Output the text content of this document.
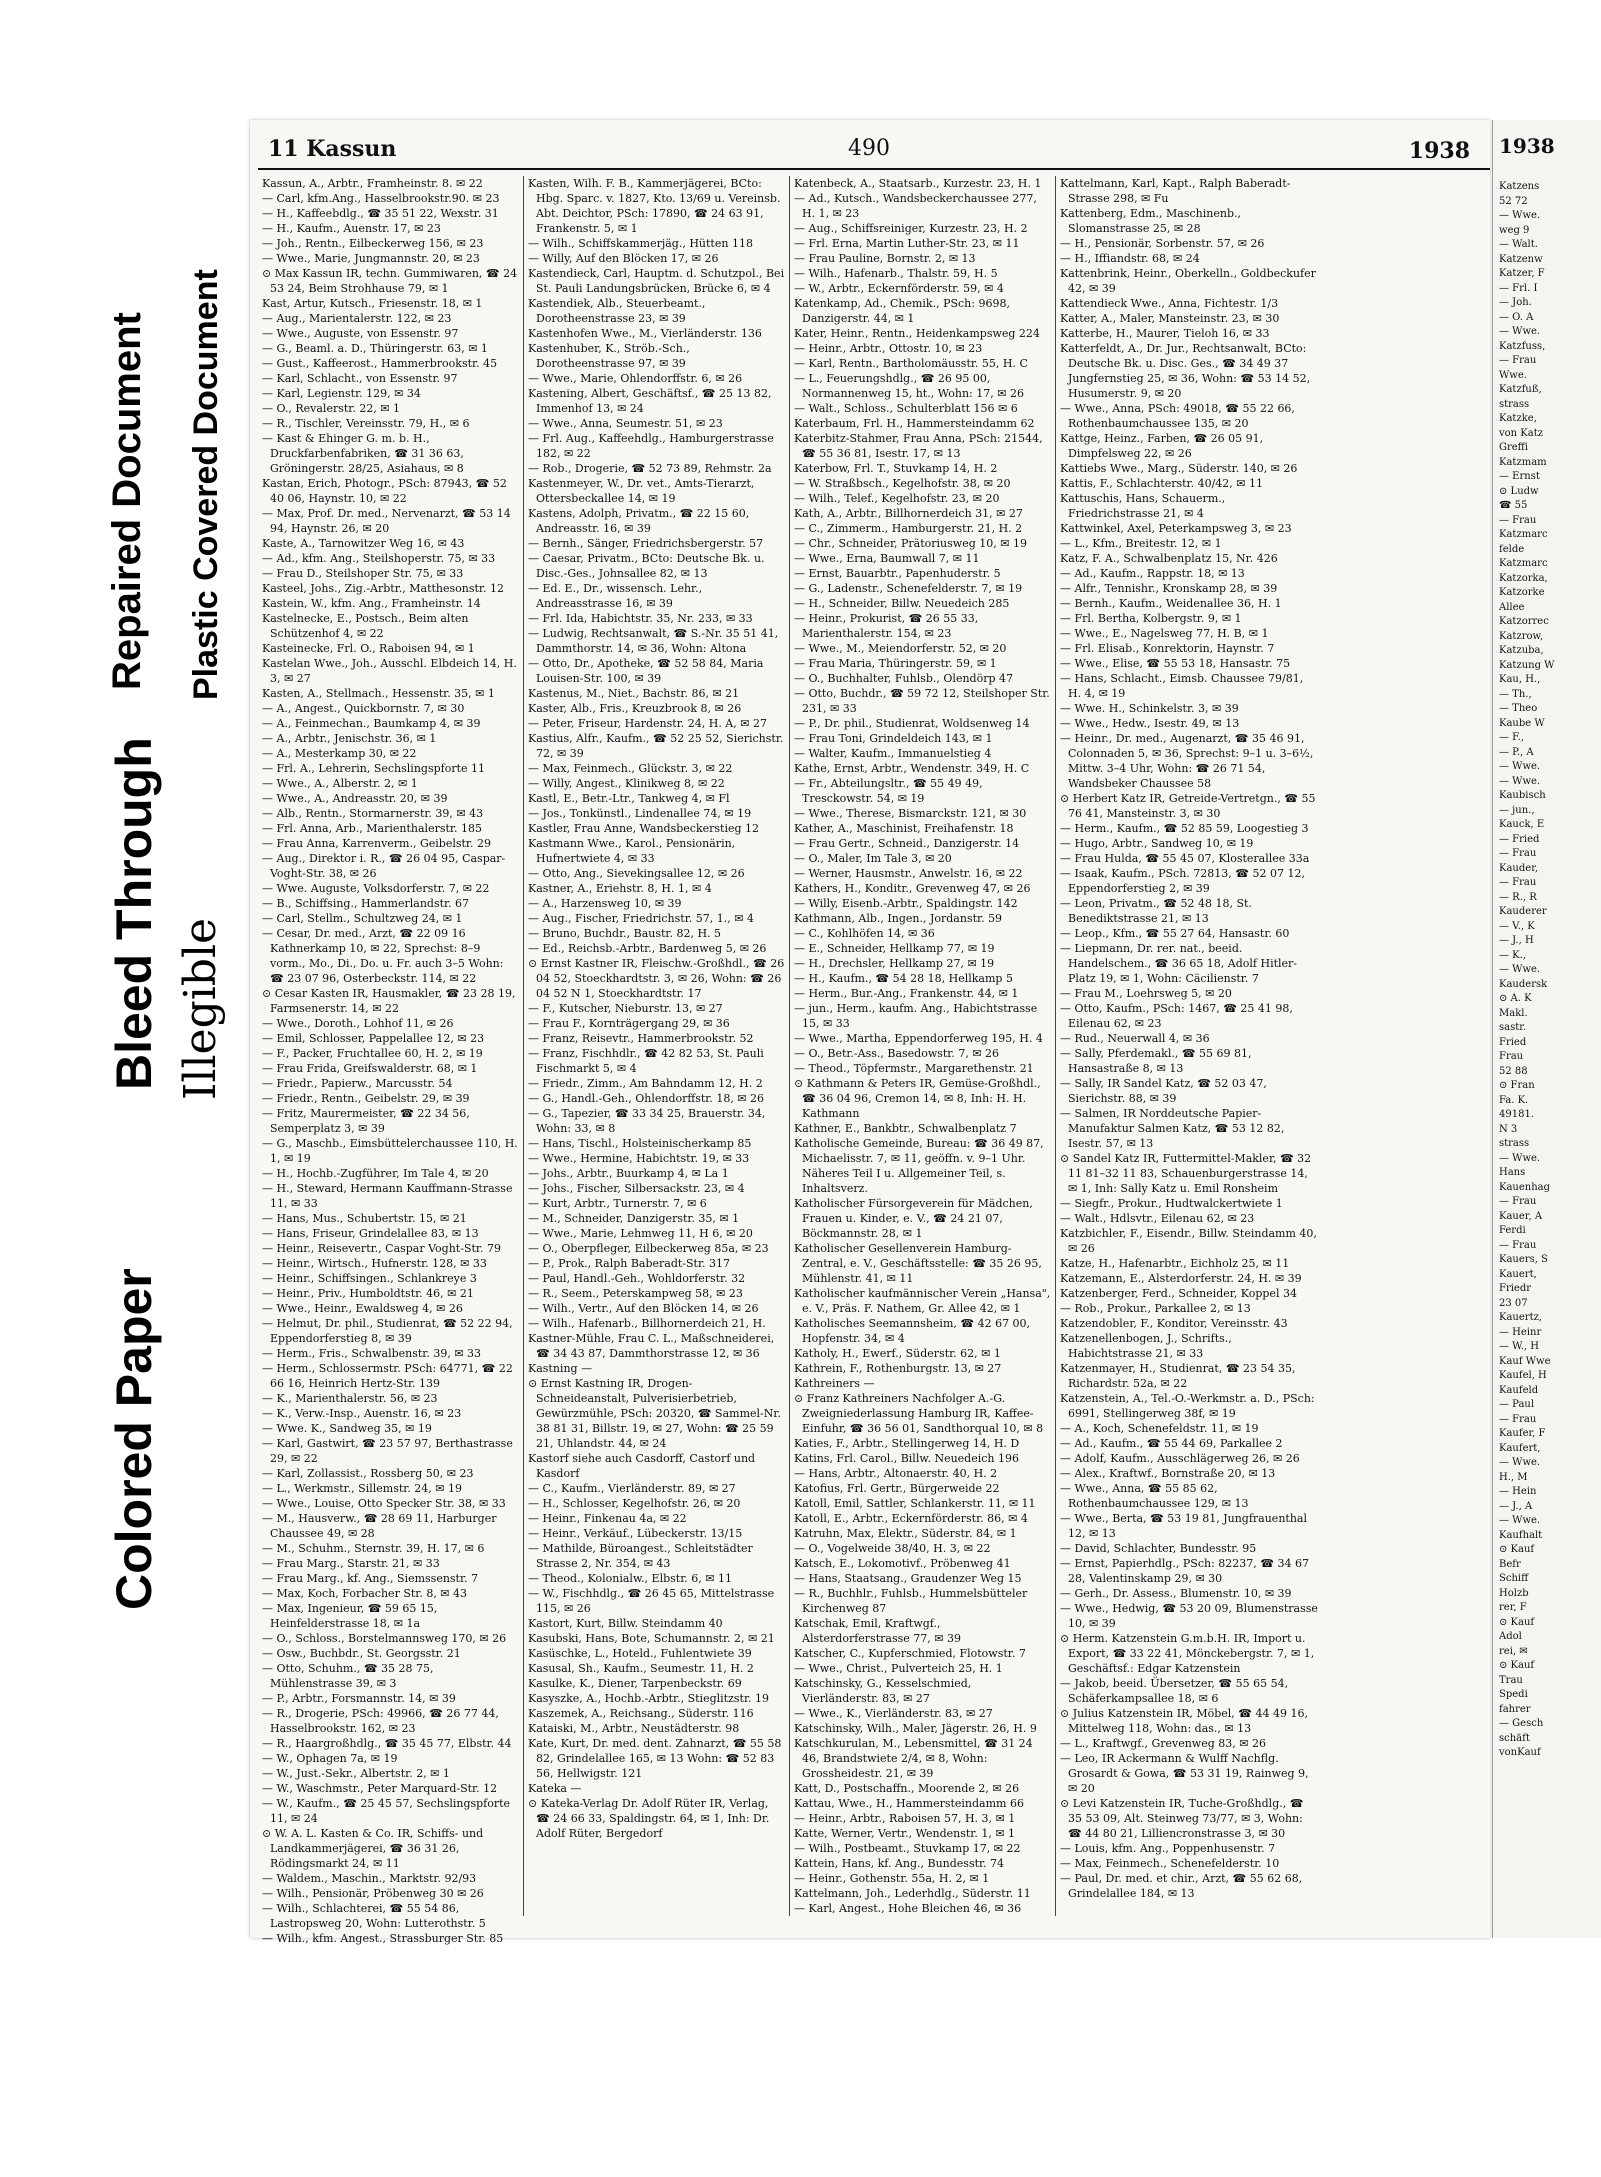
Colored Paper
Bleed Through Illegible
Repaired Document Plastic Covered Document
11 Kassun	490	1938

Kassun, A., Arbtr., Framheinstr. 8. ✉ 22

— Carl, kfm.Ang., Hasselbrookstr.90. ✉ 23

— H., Kaffeebdlg., ☎ 35 51 22, Wexstr. 31

— H., Kaufm., Auenstr. 17, ✉ 23

— Joh., Rentn., Eilbeckerweg 156, ✉ 23

— Wwe., Marie, Jungmannstr. 20, ✉ 23

⊙ Max Kassun IR, techn. Gummiwaren, ☎ 24 53 24, Beim Strohhause 79, ✉ 1

Kast, Artur, Kutsch., Friesenstr. 18, ✉ 1

— Aug., Marientalerstr. 122, ✉ 23

— Wwe., Auguste, von Essenstr. 97

— G., Beaml. a. D., Thüringerstr. 63, ✉ 1

— Gust., Kaffeerost., Hammerbrookstr. 45

— Karl, Schlacht., von Essenstr. 97

— Karl, Legienstr. 129, ✉ 34

— O., Revalerstr. 22, ✉ 1

— R., Tischler, Vereinsstr. 79, H., ✉ 6

— Kast & Ehinger G. m. b. H., Druckfarbenfabriken, ☎ 31 36 63, Gröningerstr. 28/25, Asiahaus, ✉ 8

Kastan, Erich, Photogr., PSch: 87943, ☎ 52 40 06, Haynstr. 10, ✉ 22

— Max, Prof. Dr. med., Nervenarzt, ☎ 53 14 94, Haynstr. 26, ✉ 20

Kaste, A., Tarnowitzer Weg 16, ✉ 43

— Ad., kfm. Ang., Steilshoperstr. 75, ✉ 33

— Frau D., Steilshoper Str. 75, ✉ 33

Kasteel, Johs., Zig.-Arbtr., Matthesonstr. 12

Kastein, W., kfm. Ang., Framheinstr. 14

Kastelnecke, E., Postsch., Beim alten Schützenhof 4, ✉ 22

Kasteinecke, Frl. O., Raboisen 94, ✉ 1

Kastelan Wwe., Joh., Ausschl. Elbdeich 14, H. 3, ✉ 27

Kasten, A., Stellmach., Hessenstr. 35, ✉ 1

— A., Angest., Quickbornstr. 7, ✉ 30

— A., Feinmechan., Baumkamp 4, ✉ 39

— A., Arbtr., Jenischstr. 36, ✉ 1

— A., Mesterkamp 30, ✉ 22

— Frl. A., Lehrerin, Sechslingspforte 11

— Wwe., A., Alberstr. 2, ✉ 1

— Wwe., A., Andreasstr. 20, ✉ 39

— Alb., Rentn., Stormarnerstr. 39, ✉ 43

— Frl. Anna, Arb., Marienthalerstr. 185

— Frau Anna, Karrenverm., Geibelstr. 29

— Aug., Direktor i. R., ☎ 26 04 95, Caspar-Voght-Str. 38, ✉ 26

— Wwe. Auguste, Volksdorferstr. 7, ✉ 22

— B., Schiffsing., Hammerlandstr. 67

— Carl, Stellm., Schultzweg 24, ✉ 1

— Cesar, Dr. med., Arzt, ☎ 22 09 16 Kathnerkamp 10, ✉ 22, Sprechst: 8–9 vorm., Mo., Di., Do. u. Fr. auch 3–5 Wohn: ☎ 23 07 96, Osterbeckstr. 114, ✉ 22

⊙ Cesar Kasten IR, Hausmakler, ☎ 23 28 19, Farmsenerstr. 14, ✉ 22

— Wwe., Doroth., Lohhof 11, ✉ 26

— Emil, Schlosser, Pappelallee 12, ✉ 23

— F., Packer, Fruchtallee 60, H. 2, ✉ 19

— Frau Frida, Greifswalderstr. 68, ✉ 1

— Friedr., Papierw., Marcusstr. 54

— Friedr., Rentn., Geibelstr. 29, ✉ 39

— Fritz, Maurermeister, ☎ 22 34 56, Semperplatz 3, ✉ 39

— G., Maschb., Eimsbüttelerchaussee 110, H. 1, ✉ 19

— H., Hochb.-Zugführer, Im Tale 4, ✉ 20

— H., Steward, Hermann Kauffmann-Strasse 11, ✉ 33

— Hans, Mus., Schubertstr. 15, ✉ 21

— Hans, Friseur, Grindelallee 83, ✉ 13

— Heinr., Reisevertr., Caspar Voght-Str. 79

— Heinr., Wirtsch., Hufnerstr. 128, ✉ 33

— Heinr., Schiffsingen., Schlankreye 3

— Heinr., Priv., Humboldtstr. 46, ✉ 21

— Wwe., Heinr., Ewaldsweg 4, ✉ 26

— Helmut, Dr. phil., Studienrat, ☎ 52 22 94, Eppendorferstieg 8, ✉ 39

— Herm., Fris., Schwalbenstr. 39, ✉ 33

— Herm., Schlossermstr. PSch: 64771, ☎ 22 66 16, Heinrich Hertz-Str. 139

— K., Marienthalerstr. 56, ✉ 23

— K., Verw.-Insp., Auenstr. 16, ✉ 23

— Wwe. K., Sandweg 35, ✉ 19

— Karl, Gastwirt, ☎ 23 57 97, Berthastrasse 29, ✉ 22

— Karl, Zollassist., Rossberg 50, ✉ 23

— L., Werkmstr., Sillemstr. 24, ✉ 19

— Wwe., Louise, Otto Specker Str. 38, ✉ 33

— M., Hausverw., ☎ 28 69 11, Harburger Chaussee 49, ✉ 28

— M., Schuhm., Sternstr. 39, H. 17, ✉ 6

— Frau Marg., Starstr. 21, ✉ 33

— Frau Marg., kf. Ang., Siemssenstr. 7

— Max, Koch, Forbacher Str. 8, ✉ 43

— Max, Ingenieur, ☎ 59 65 15, Heinfelderstrasse 18, ✉ 1a

— O., Schloss., Borstelmannsweg 170, ✉ 26

— Osw., Buchbdr., St. Georgsstr. 21

— Otto, Schuhm., ☎ 35 28 75, Mühlenstrasse 39, ✉ 3

— P., Arbtr., Forsmannstr. 14, ✉ 39

— R., Drogerie, PSch: 49966, ☎ 26 77 44, Hasselbrookstr. 162, ✉ 23

— R., Haargroßhdlg., ☎ 35 45 77, Elbstr. 44

— W., Ophagen 7a, ✉ 19

— W., Just.-Sekr., Albertstr. 2, ✉ 1

— W., Waschmstr., Peter Marquard-Str. 12

— W., Kaufm., ☎ 25 45 57, Sechslingspforte 11, ✉ 24

⊙ W. A. L. Kasten & Co. IR, Schiffs- und Landkammerjägerei, ☎ 36 31 26, Rödingsmarkt 24, ✉ 11

— Waldem., Maschin., Marktstr. 92/93

— Wilh., Pensionär, Pröbenweg 30 ✉ 26

— Wilh., Schlachterei, ☎ 55 54 86, Lastropsweg 20, Wohn: Lutterothstr. 5

— Wilh., kfm. Angest., Strassburger Str. 85

Kasten, Wilh. F. B., Kammerjägerei, BCto: Hbg. Sparc. v. 1827, Kto. 13/69 u. Vereinsb. Abt. Deichtor, PSch: 17890, ☎ 24 63 91, Frankenstr. 5, ✉ 1

— Wilh., Schiffskammerjäg., Hütten 118

— Willy, Auf den Blöcken 17, ✉ 26

Kastendieck, Carl, Hauptm. d. Schutzpol., Bei St. Pauli Landungsbrücken, Brücke 6, ✉ 4

Kastendiek, Alb., Steuerbeamt., Dorotheenstrasse 23, ✉ 39

Kastenhofen Wwe., M., Vierländerstr. 136

Kastenhuber, K., Ströb.-Sch., Dorotheenstrasse 97, ✉ 39

— Wwe., Marie, Ohlendorffstr. 6, ✉ 26

Kastening, Albert, Geschäftsf., ☎ 25 13 82, Immenhof 13, ✉ 24

— Wwe., Anna, Seumestr. 51, ✉ 23

— Frl. Aug., Kaffeehdlg., Hamburgerstrasse 182, ✉ 22

— Rob., Drogerie, ☎ 52 73 89, Rehmstr. 2a

Kastenmeyer, W., Dr. vet., Amts-Tierarzt, Ottersbeckallee 14, ✉ 19

Kastens, Adolph, Privatm., ☎ 22 15 60, Andreasstr. 16, ✉ 39

— Bernh., Sänger, Friedrichsbergerstr. 57

— Caesar, Privatm., BCto: Deutsche Bk. u. Disc.-Ges., Johnsallee 82, ✉ 13

— Ed. E., Dr., wissensch. Lehr., Andreasstrasse 16, ✉ 39

— Frl. Ida, Habichtstr. 35, Nr. 233, ✉ 33

— Ludwig, Rechtsanwalt, ☎ S.-Nr. 35 51 41, Dammthorstr. 14, ✉ 36, Wohn: Altona

— Otto, Dr., Apotheke, ☎ 52 58 84, Maria Louisen-Str. 100, ✉ 39

Kastenus, M., Niet., Bachstr. 86, ✉ 21

Kaster, Alb., Fris., Kreuzbrook 8, ✉ 26

— Peter, Friseur, Hardenstr. 24, H. A, ✉ 27

Kastius, Alfr., Kaufm., ☎ 52 25 52, Sierichstr. 72, ✉ 39

— Max, Feinmech., Glückstr. 3, ✉ 22

— Willy, Angest., Klinikweg 8, ✉ 22

Kastl, E., Betr.-Ltr., Tankweg 4, ✉ Fl

— Jos., Tonkünstl., Lindenallee 74, ✉ 19

Kastler, Frau Anne, Wandsbeckerstieg 12

Kastmann Wwe., Karol., Pensionärin, Hufnertwiete 4, ✉ 33

— Otto, Ang., Sievekingsallee 12, ✉ 26

Kastner, A., Eriehstr. 8, H. 1, ✉ 4

— A., Harzensweg 10, ✉ 39

— Aug., Fischer, Friedrichstr. 57, 1., ✉ 4

— Bruno, Buchdr., Baustr. 82, H. 5

— Ed., Reichsb.-Arbtr., Bardenweg 5, ✉ 26

⊙ Ernst Kastner IR, Fleischw.-Großhdl., ☎ 26 04 52, Stoeckhardtstr. 3, ✉ 26, Wohn: ☎ 26 04 52 N 1, Stoeckhardtstr. 17

— F., Kutscher, Nieburstr. 13, ✉ 27

— Frau F., Kornträgergang 29, ✉ 36

— Franz, Reisevtr., Hammerbrookstr. 52

— Franz, Fischhdlr., ☎ 42 82 53, St. Pauli Fischmarkt 5, ✉ 4

— Friedr., Zimm., Am Bahndamm 12, H. 2

— G., Handl.-Geh., Ohlendorffstr. 18, ✉ 26

— G., Tapezier, ☎ 33 34 25, Brauerstr. 34, Wohn: 33, ✉ 8

— Hans, Tischl., Holsteinischerkamp 85

— Wwe., Hermine, Habichtstr. 19, ✉ 33

— Johs., Arbtr., Buurkamp 4, ✉ La 1

— Johs., Fischer, Silbersackstr. 23, ✉ 4

— Kurt, Arbtr., Turnerstr. 7, ✉ 6

— M., Schneider, Danzigerstr. 35, ✉ 1

— Wwe., Marie, Lehmweg 11, H 6, ✉ 20

— O., Oberpfleger, Eilbeckerweg 85a, ✉ 23

— P., Prok., Ralph Baberadt-Str. 317

— Paul, Handl.-Geh., Wohldorferstr. 32

— R., Seem., Peterskampweg 58, ✉ 23

— Wilh., Vertr., Auf den Blöcken 14, ✉ 26

— Wilh., Hafenarb., Billhornerdeich 21, H.

Kastner-Mühle, Frau C. L., Maßschneiderei, ☎ 34 43 87, Dammthorstrasse 12, ✉ 36

Kastning —

⊙ Ernst Kastning IR, Drogen-Schneideanstalt, Pulverisierbetrieb, Gewürzmühle, PSch: 20320, ☎ Sammel-Nr. 38 81 31, Billstr. 19, ✉ 27, Wohn: ☎ 25 59 21, Uhlandstr. 44, ✉ 24

Kastorf siehe auch Casdorff, Castorf und Kasdorf

— C., Kaufm., Vierländerstr. 89, ✉ 27

— H., Schlosser, Kegelhofstr. 26, ✉ 20

— Heinr., Finkenau 4a, ✉ 22

— Heinr., Verkäuf., Lübeckerstr. 13/15

— Mathilde, Büroangest., Schleitstädter Strasse 2, Nr. 354, ✉ 43

— Theod., Kolonialw., Elbstr. 6, ✉ 11

— W., Fischhdlg., ☎ 26 45 65, Mittelstrasse 115, ✉ 26

Kastort, Kurt, Billw. Steindamm 40

Kasubski, Hans, Bote, Schumannstr. 2, ✉ 21

Kasüschke, L., Hoteld., Fuhlentwiete 39

Kasusal, Sh., Kaufm., Seumestr. 11, H. 2

Kasulke, K., Diener, Tarpenbeckstr. 69

Kasyszke, A., Hochb.-Arbtr., Stieglitzstr. 19

Kaszemek, A., Reichsang., Süderstr. 116

Kataiski, M., Arbtr., Neustädterstr. 98

Kate, Kurt, Dr. med. dent. Zahnarzt, ☎ 55 58 82, Grindelallee 165, ✉ 13 Wohn: ☎ 52 83 56, Hellwigstr. 121

Kateka —

⊙ Kateka-Verlag Dr. Adolf Rüter IR, Verlag, ☎ 24 66 33, Spaldingstr. 64, ✉ 1, Inh: Dr. Adolf Rüter, Bergedorf

Katenbeck, A., Staatsarb., Kurzestr. 23, H. 1

— Ad., Kutsch., Wandsbeckerchaussee 277, H. 1, ✉ 23

— Aug., Schiffsreiniger, Kurzestr. 23, H. 2

— Frl. Erna, Martin Luther-Str. 23, ✉ 11

— Frau Pauline, Bornstr. 2, ✉ 13

— Wilh., Hafenarb., Thalstr. 59, H. 5

— W., Arbtr., Eckernförderstr. 59, ✉ 4

Katenkamp, Ad., Chemik., PSch: 9698, Danzigerstr. 44, ✉ 1

Kater, Heinr., Rentn., Heidenkampsweg 224

— Heinr., Arbtr., Ottostr. 10, ✉ 23

— Karl, Rentn., Bartholomäusstr. 55, H. C

— L., Feuerungshdlg., ☎ 26 95 00, Normannenweg 15, ht., Wohn: 17, ✉ 26

— Walt., Schloss., Schulterblatt 156 ✉ 6

Katerbaum, Frl. H., Hammersteindamm 62

Katerbitz-Stahmer, Frau Anna, PSch: 21544, ☎ 55 36 81, Isestr. 17, ✉ 13

Katerbow, Frl. T., Stuvkamp 14, H. 2

— W. Straßbsch., Kegelhofstr. 38, ✉ 20

— Wilh., Telef., Kegelhofstr. 23, ✉ 20

Kath, A., Arbtr., Billhornerdeich 31, ✉ 27

— C., Zimmerm., Hamburgerstr. 21, H. 2

— Chr., Schneider, Prätoriusweg 10, ✉ 19

— Wwe., Erna, Baumwall 7, ✉ 11

— Ernst, Bauarbtr., Papenhuderstr. 5

— G., Ladenstr., Schenefelderstr. 7, ✉ 19

— H., Schneider, Billw. Neuedeich 285

— Heinr., Prokurist, ☎ 26 55 33, Marienthalerstr. 154, ✉ 23

— Wwe., M., Meiendorferstr. 52, ✉ 20

— Frau Maria, Thüringerstr. 59, ✉ 1

— O., Buchhalter, Fuhlsb., Olendörp 47

— Otto, Buchdr., ☎ 59 72 12, Steilshoper Str. 231, ✉ 33

— P., Dr. phil., Studienrat, Woldsenweg 14

— Frau Toni, Grindeldeich 143, ✉ 1

— Walter, Kaufm., Immanuelstieg 4

Kathe, Ernst, Arbtr., Wendenstr. 349, H. C

— Fr., Abteilungsltr., ☎ 55 49 49, Tresckowstr. 54, ✉ 19

— Wwe., Therese, Bismarckstr. 121, ✉ 30

Kather, A., Maschinist, Freihafenstr. 18

— Frau Gertr., Schneid., Danzigerstr. 14

— O., Maler, Im Tale 3, ✉ 20

— Werner, Hausmstr., Anwelstr. 16, ✉ 22

Kathers, H., Konditr., Grevenweg 47, ✉ 26

— Willy, Eisenb.-Arbtr., Spaldingstr. 142

Kathmann, Alb., Ingen., Jordanstr. 59

— C., Kohlhöfen 14, ✉ 36

— E., Schneider, Hellkamp 77, ✉ 19

— H., Drechsler, Hellkamp 27, ✉ 19

— H., Kaufm., ☎ 54 28 18, Hellkamp 5

— Herm., Bur.-Ang., Frankenstr. 44, ✉ 1

— jun., Herm., kaufm. Ang., Habichtstrasse 15, ✉ 33

— Wwe., Martha, Eppendorferweg 195, H. 4

— O., Betr.-Ass., Basedowstr. 7, ✉ 26

— Theod., Töpfermstr., Margarethenstr. 21

⊙ Kathmann & Peters IR, Gemüse-Großhdl., ☎ 36 04 96, Cremon 14, ✉ 8, Inh: H. H. Kathmann

Kathner, E., Bankbtr., Schwalbenplatz 7

Katholische Gemeinde, Bureau: ☎ 36 49 87, Michaelisstr. 7, ✉ 11, geöffn. v. 9–1 Uhr. Näheres Teil I u. Allgemeiner Teil, s. Inhaltsverz.

Katholischer Fürsorgeverein für Mädchen, Frauen u. Kinder, e. V., ☎ 24 21 07, Böckmannstr. 28, ✉ 1

Katholischer Gesellenverein Hamburg-Zentral, e. V., Geschäftsstelle: ☎ 35 26 95, Mühlenstr. 41, ✉ 11

Katholischer kaufmännischer Verein „Hansa", e. V., Präs. F. Nathem, Gr. Allee 42, ✉ 1

Katholisches Seemannsheim, ☎ 42 67 00, Hopfenstr. 34, ✉ 4

Katholy, H., Ewerf., Süderstr. 62, ✉ 1

Kathrein, F., Rothenburgstr. 13, ✉ 27

Kathreiners —

⊙ Franz Kathreiners Nachfolger A.-G. Zweigniederlassung Hamburg IR, Kaffee-Einfuhr, ☎ 36 56 01, Sandthorqual 10, ✉ 8

Katies, F., Arbtr., Stellingerweg 14, H. D

Katins, Frl. Carol., Billw. Neuedeich 196

— Hans, Arbtr., Altonaerstr. 40, H. 2

Katofius, Frl. Gertr., Bürgerweide 22

Katoll, Emil, Sattler, Schlankerstr. 11, ✉ 11

Katoll, E., Arbtr., Eckernförderstr. 86, ✉ 4

Katruhn, Max, Elektr., Süderstr. 84, ✉ 1

— O., Vogelweide 38/40, H. 3, ✉ 22

Katsch, E., Lokomotivf., Pröbenweg 41

— Hans, Staatsang., Graudenzer Weg 15

— R., Buchhlr., Fuhlsb., Hummelsbütteler Kirchenweg 87

Katschak, Emil, Kraftwgf., Alsterdorferstrasse 77, ✉ 39

Katscher, C., Kupferschmied, Flotowstr. 7

— Wwe., Christ., Pulverteich 25, H. 1

Katschinsky, G., Kesselschmied, Vierländerstr. 83, ✉ 27

— Wwe., K., Vierländerstr. 83, ✉ 27

Katschinsky, Wilh., Maler, Jägerstr. 26, H. 9

Katschkurulan, M., Lebensmittel, ☎ 31 24 46, Brandstwiete 2/4, ✉ 8, Wohn: Grossheidestr. 21, ✉ 39

Katt, D., Postschaffn., Moorende 2, ✉ 26

Kattau, Wwe., H., Hammersteindamm 66

— Heinr., Arbtr., Raboisen 57, H. 3, ✉ 1

Katte, Werner, Vertr., Wendenstr. 1, ✉ 1

— Wilh., Postbeamt., Stuvkamp 17, ✉ 22

Kattein, Hans, kf. Ang., Bundesstr. 74

— Heinr., Gothenstr. 55a, H. 2, ✉ 1

Kattelmann, Joh., Lederhdlg., Süderstr. 11

— Karl, Angest., Hohe Bleichen 46, ✉ 36

Kattelmann, Karl, Kapt., Ralph Baberadt-Strasse 298, ✉ Fu

Kattenberg, Edm., Maschinenb., Slomanstrasse 25, ✉ 28

— H., Pensionär, Sorbenstr. 57, ✉ 26

— H., Iffiandstr. 68, ✉ 24

Kattenbrink, Heinr., Oberkelln., Goldbeckufer 42, ✉ 39

Kattendieck Wwe., Anna, Fichtestr. 1/3

Katter, A., Maler, Mansteinstr. 23, ✉ 30

Katterbe, H., Maurer, Tieloh 16, ✉ 33

Katterfeldt, A., Dr. Jur., Rechtsanwalt, BCto: Deutsche Bk. u. Disc. Ges., ☎ 34 49 37 Jungfernstieg 25, ✉ 36, Wohn: ☎ 53 14 52, Husumerstr. 9, ✉ 20

— Wwe., Anna, PSch: 49018, ☎ 55 22 66, Rothenbaumchaussee 135, ✉ 20

Kattge, Heinz., Farben, ☎ 26 05 91, Dimpfelsweg 22, ✉ 26

Kattiebs Wwe., Marg., Süderstr. 140, ✉ 26

Kattis, F., Schlachterstr. 40/42, ✉ 11

Kattuschis, Hans, Schauerm., Friedrichstrasse 21, ✉ 4

Kattwinkel, Axel, Peterkampsweg 3, ✉ 23

— L., Kfm., Breitestr. 12, ✉ 1

Katz, F. A., Schwalbenplatz 15, Nr. 426

— Ad., Kaufm., Rappstr. 18, ✉ 13

— Alfr., Tennishr., Kronskamp 28, ✉ 39

— Bernh., Kaufm., Weidenallee 36, H. 1

— Frl. Bertha, Kolbergstr. 9, ✉ 1

— Wwe., E., Nagelsweg 77, H. B, ✉ 1

— Frl. Elisab., Konrektorin, Haynstr. 7

— Wwe., Elise, ☎ 55 53 18, Hansastr. 75

— Hans, Schlacht., Eimsb. Chaussee 79/81, H. 4, ✉ 19

— Wwe. H., Schinkelstr. 3, ✉ 39

— Wwe., Hedw., Isestr. 49, ✉ 13

— Heinr., Dr. med., Augenarzt, ☎ 35 46 91, Colonnaden 5, ✉ 36, Sprechst: 9–1 u. 3–6½, Mittw. 3–4 Uhr, Wohn: ☎ 26 71 54, Wandsbeker Chaussee 58

⊙ Herbert Katz IR, Getreide-Vertretgn., ☎ 55 76 41, Mansteinstr. 3, ✉ 30

— Herm., Kaufm., ☎ 52 85 59, Loogestieg 3

— Hugo, Arbtr., Sandweg 10, ✉ 19

— Frau Hulda, ☎ 55 45 07, Klosterallee 33a

— Isaak, Kaufm., PSch. 72813, ☎ 52 07 12, Eppendorferstieg 2, ✉ 39

— Leon, Privatm., ☎ 52 48 18, St. Benediktstrasse 21, ✉ 13

— Leop., Kfm., ☎ 55 27 64, Hansastr. 60

— Liepmann, Dr. rer. nat., beeid. Handelschem., ☎ 36 65 18, Adolf Hitler-Platz 19, ✉ 1, Wohn: Cäcilienstr. 7

— Frau M., Loehrsweg 5, ✉ 20

— Otto, Kaufm., PSch: 1467, ☎ 25 41 98, Eilenau 62, ✉ 23

— Rud., Neuerwall 4, ✉ 36

— Sally, Pferdemakl., ☎ 55 69 81, Hansastraße 8, ✉ 13

— Sally, IR Sandel Katz, ☎ 52 03 47, Sierichstr. 88, ✉ 39

— Salmen, IR Norddeutsche Papier-Manufaktur Salmen Katz, ☎ 53 12 82, Isestr. 57, ✉ 13

⊙ Sandel Katz IR, Futtermittel-Makler, ☎ 32 11 81–32 11 83, Schauenburgerstrasse 14, ✉ 1, Inh: Sally Katz u. Emil Ronsheim

— Siegfr., Prokur., Hudtwalckertwiete 1

— Walt., Hdlsvtr., Eilenau 62, ✉ 23

Katzbichler, F., Eisendr., Billw. Steindamm 40, ✉ 26

Katze, H., Hafenarbtr., Eichholz 25, ✉ 11

Katzemann, E., Alsterdorferstr. 24, H. ✉ 39

Katzenberger, Ferd., Schneider, Koppel 34

— Rob., Prokur., Parkallee 2, ✉ 13

Katzendobler, F., Konditor, Vereinsstr. 43

Katzenellenbogen, J., Schrifts., Habichtstrasse 21, ✉ 33

Katzenmayer, H., Studienrat, ☎ 23 54 35, Richardstr. 52a, ✉ 22

Katzenstein, A., Tel.-O.-Werkmstr. a. D., PSch: 6991, Stellingerweg 38f, ✉ 19

— A., Koch, Schenefeldstr. 11, ✉ 19

— Ad., Kaufm., ☎ 55 44 69, Parkallee 2

— Adolf, Kaufm., Ausschlägerweg 26, ✉ 26

— Alex., Kraftwf., Bornstraße 20, ✉ 13

— Wwe., Anna, ☎ 55 85 62, Rothenbaumchaussee 129, ✉ 13

— Wwe., Berta, ☎ 53 19 81, Jungfrauenthal 12, ✉ 13

— David, Schlachter, Bundesstr. 95

— Ernst, Papierhdlg., PSch: 82237, ☎ 34 67 28, Valentinskamp 29, ✉ 30

— Gerh., Dr. Assess., Blumenstr. 10, ✉ 39

— Wwe., Hedwig, ☎ 53 20 09, Blumenstrasse 10, ✉ 39

⊙ Herm. Katzenstein G.m.b.H. IR, Import u. Export, ☎ 33 22 41, Mönckebergstr. 7, ✉ 1, Geschäftsf.: Edgar Katzenstein

— Jakob, beeid. Übersetzer, ☎ 55 65 54, Schäferkampsallee 18, ✉ 6

⊙ Julius Katzenstein IR, Möbel, ☎ 44 49 16, Mittelweg 118, Wohn: das., ✉ 13

— L., Kraftwgf., Grevenweg 83, ✉ 26

— Leo, IR Ackermann & Wulff Nachflg. Grosardt & Gowa, ☎ 53 31 19, Rainweg 9, ✉ 20

⊙ Levi Katzenstein IR, Tuche-Großhdlg., ☎ 35 53 09, Alt. Steinweg 73/77, ✉ 3, Wohn: ☎ 44 80 21, Lilliencronstrasse 3, ✉ 30

— Louis, kfm. Ang., Poppenhusenstr. 7

— Max, Feinmech., Schenefelderstr. 10

— Paul, Dr. med. et chir., Arzt, ☎ 55 62 68, Grindelallee 184, ✉ 13

1938
Katzens
52 72
— Wwe.
weg 9
— Walt.
Katzenw
Katzer, F
— Frl. I
— Joh.
— O. A
— Wwe.
Katzfuss,
— Frau
Wwe.
Katzfuß,
strass
Katzke,
von Katz
Greffi
Katzmam
— Ernst
⊙ Ludw
☎ 55
— Frau
Katzmarc
felde
Katzmarc
Katzorka,
Katzorke
Allee
Katzorrec
Katzrow,
Katzuba,
Katzung W
Kau, H.,
— Th.,
— Theo
Kaube W
— F.,
— P., A
— Wwe.
— Wwe.
Kaubisch
— jun.,
Kauck, E
— Fried
— Frau
Kauder,
— Frau
— R., R
Kauderer
— V., K
— J., H
— K.,
— Wwe.
Kaudersk
⊙ A. K
Makl.
sastr.
Fried
Frau
52 88
⊙ Fran
Fa. K.
49181.
N 3
strass
— Wwe.
Hans
Kauenhag
— Frau
Kauer, A
Ferdi
— Frau
Kauers, S
Kauert,
Friedr
23 07
Kauertz,
— Heinr
— W., H
Kauf Wwe
Kaufel, H
Kaufeld
— Paul
— Frau
Kaufer, F
Kaufert,
— Wwe.
H., M
— Hein
— J., A
— Wwe.
Kaufhalt
⊙ Kauf
Befr
Schiff
Holzb
rer, F
⊙ Kauf
Adol
rei, ✉
⊙ Kauf
Trau
Spedi
fahrer
— Gesch
schäft
vonKauf
